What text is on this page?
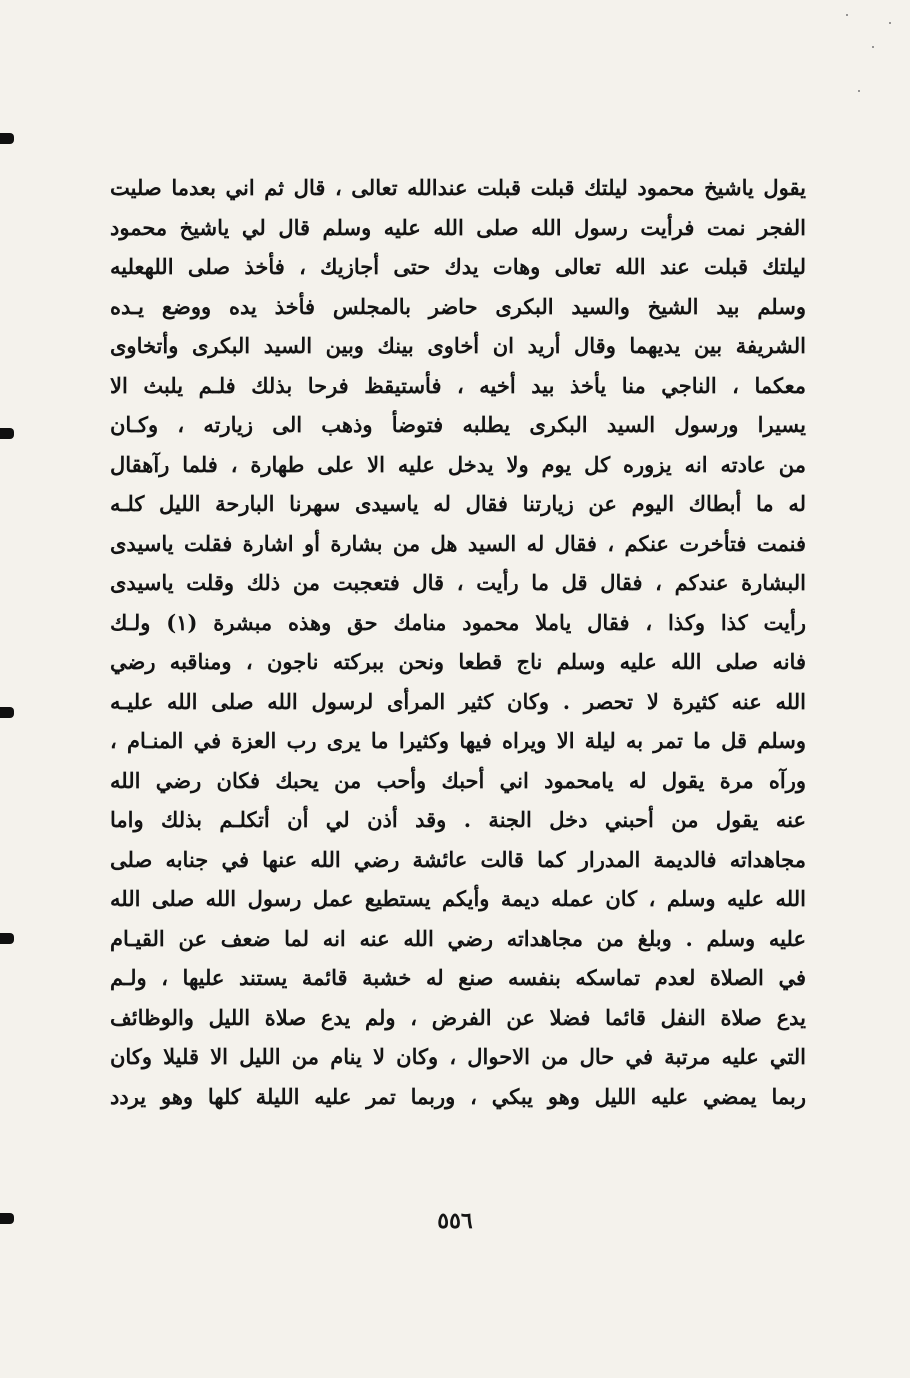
يقول ياشيخ محمود ليلتك قبلت قبلت عندالله تعالى ، قال ثم اني بعدما صليت
الفجر نمت فرأيت رسول الله صلى الله عليه وسلم قال لي ياشيخ محمود
ليلتك قبلت عند الله تعالى وهات يدك حتى أجازيك ، فأخذ صلى اللهعليه
وسلم بيد الشيخ والسيد البكرى حاضر بالمجلس فأخذ يده ووضع يـده
الشريفة بين يديهما وقال أريد ان أخاوى بينك وبين السيد البكرى وأتخاوى
معكما ، الناجي منا يأخذ بيد أخيه ، فأستيقظ فرحا بذلك فلـم يلبث الا
يسيرا ورسول السيد البكرى يطلبه فتوضأ وذهب الى زيارته ، وكـان
من عادته انه يزوره كل يوم ولا يدخل عليه الا على طهارة ، فلما رآهقال
له ما أبطاك اليوم عن زيارتنا فقال له ياسيدى سهرنا البارحة الليل كلـه
فنمت فتأخرت عنكم ، فقال له السيد هل من بشارة أو اشارة فقلت ياسيدى
البشارة عندكم ، فقال قل ما رأيت ، قال فتعجبت من ذلك وقلت ياسيدى
رأيت كذا وكذا ، فقال ياملا محمود منامك حق وهذه مبشرة (١) ولـك
فانه صلى الله عليه وسلم ناج قطعا ونحن ببركته ناجون ، ومناقبه رضي
الله عنه كثيرة لا تحصر . وكان كثير المرأى لرسول الله صلى الله عليـه
وسلم قل ما تمر به ليلة الا ويراه فيها وكثيرا ما يرى رب العزة في المنـام ،
ورآه مرة يقول له يامحمود اني أحبك وأحب من يحبك فكان رضي الله
عنه يقول من أحبني دخل الجنة . وقد أذن لي أن أتكلـم بذلك واما
مجاهداته فالديمة المدرار كما قالت عائشة رضي الله عنها في جنابه صلى
الله عليه وسلم ، كان عمله ديمة وأيكم يستطيع عمل رسول الله صلى الله
عليه وسلم . وبلغ من مجاهداته رضي الله عنه انه لما ضعف عن القيـام
في الصلاة لعدم تماسكه بنفسه صنع له خشبة قائمة يستند عليها ، ولـم
يدع صلاة النفل قائما فضلا عن الفرض ، ولم يدع صلاة الليل والوظائف
التي عليه مرتبة في حال من الاحوال ، وكان لا ينام من الليل الا قليلا وكان
ربما يمضي عليه الليل وهو يبكي ، وربما تمر عليه الليلة كلها وهو يردد
٥٥٦
